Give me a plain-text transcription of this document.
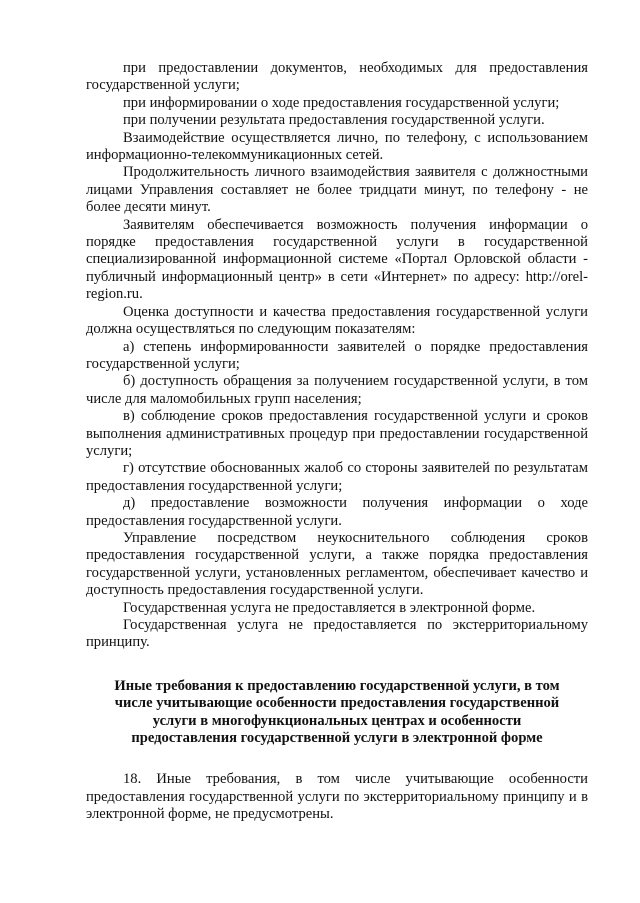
при предоставлении документов, необходимых для предоставления государственной услуги;

при информировании о ходе предоставления государственной услуги;

при получении результата предоставления государственной услуги.

Взаимодействие осуществляется лично, по телефону, с использованием информационно-телекоммуникационных сетей.

Продолжительность личного взаимодействия заявителя с должностными лицами Управления составляет не более тридцати минут, по телефону - не более десяти минут.

Заявителям обеспечивается возможность получения информации о порядке предоставления государственной услуги в государственной специализированной информационной системе «Портал Орловской области - публичный информационный центр» в сети «Интернет» по адресу: http://orel-region.ru.

Оценка доступности и качества предоставления государственной услуги должна осуществляться по следующим показателям:

а) степень информированности заявителей о порядке предоставления государственной услуги;

б) доступность обращения за получением государственной услуги, в том числе для маломобильных групп населения;

в) соблюдение сроков предоставления государственной услуги и сроков выполнения административных процедур при предоставлении государственной услуги;

г) отсутствие обоснованных жалоб со стороны заявителей по результатам предоставления государственной услуги;

д) предоставление возможности получения информации о ходе предоставления государственной услуги.

Управление посредством неукоснительного соблюдения сроков предоставления государственной услуги, а также порядка предоставления государственной услуги, установленных регламентом, обеспечивает качество и доступность предоставления государственной услуги.

Государственная услуга не предоставляется в электронной форме.

Государственная услуга не предоставляется по экстерриториальному принципу.

Иные требования к предоставлению государственной услуги, в том числе учитывающие особенности предоставления государственной услуги в многофункциональных центрах и особенности предоставления государственной услуги в электронной форме

18. Иные требования, в том числе учитывающие особенности предоставления государственной услуги по экстерриториальному принципу и в электронной форме, не предусмотрены.
